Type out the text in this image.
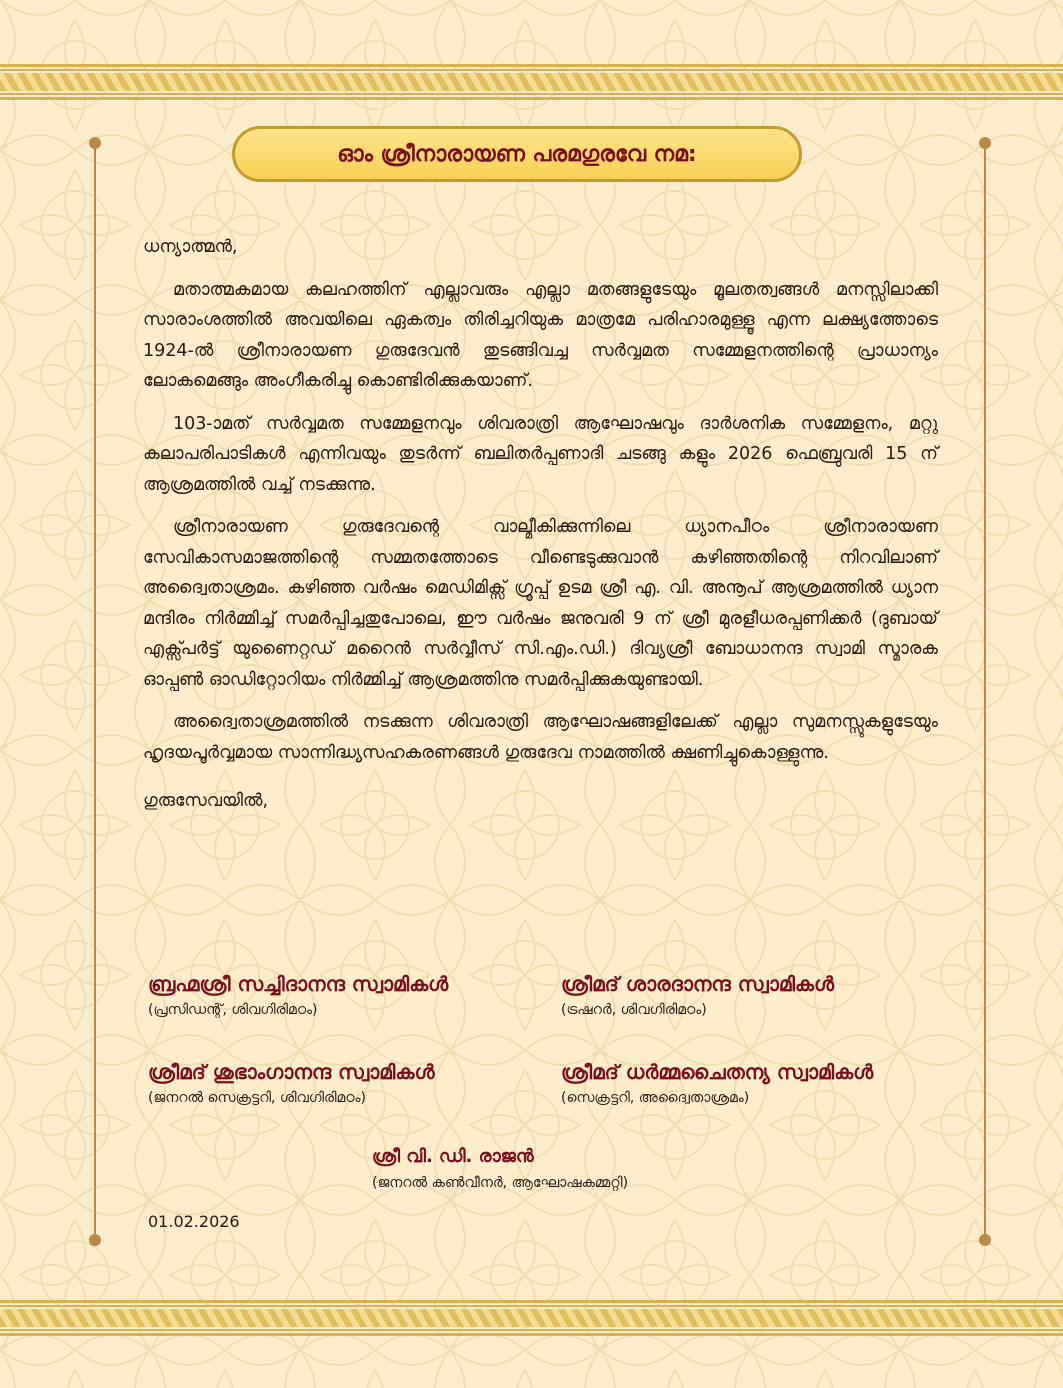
ഓം ശ്രീനാരായണ പരമഗുരവേ നമ:

ധന്യാത്മൻ,

മതാത്മകമായ കലഹത്തിന് എല്ലാവരും എല്ലാ മതങ്ങളുടേയും മൂലതത്വങ്ങൾ മനസ്സിലാക്കി സാരാംശത്തിൽ അവയിലെ ഏകത്വം തിരിച്ചറിയുക മാത്രമേ പരിഹാരമുള്ളൂ എന്ന ലക്ഷ്യത്തോടെ 1924-ൽ ശ്രീനാരായണ ഗുരുദേവൻ തുടങ്ങിവച്ച സർവ്വമത സമ്മേളനത്തിന്റെ പ്രാധാന്യം ലോകമെങ്ങും അംഗീകരിച്ചു കൊണ്ടിരിക്കുകയാണ്.

103-ാമത് സർവ്വമത സമ്മേളനവും ശിവരാത്രി ആഘോഷവും ദാർശനിക സമ്മേളനം, മറ്റു കലാപരിപാടികൾ എന്നിവയും തുടർന്ന് ബലിതർപ്പണാദി ചടങ്ങു കളും 2026 ഫെബ്രുവരി 15 ന് ആശ്രമത്തിൽ വച്ച് നടക്കുന്നു.

ശ്രീനാരായണ ഗുരുദേവന്റെ വാല്മീകിക്കുന്നിലെ ധ്യാനപീഠം ശ്രീനാരായണ സേവികാസമാജത്തിന്റെ സമ്മതത്തോടെ വീണ്ടെടുക്കുവാൻ കഴിഞ്ഞതിന്റെ നിറവിലാണ് അദ്വൈതാശ്രമം. കഴിഞ്ഞ വർഷം മെഡിമിക്സ് ഗ്രൂപ്പ് ഉടമ ശ്രീ എ. വി. അനൂപ് ആശ്രമത്തിൽ ധ്യാന മന്ദിരം നിർമ്മിച്ച് സമർപ്പിച്ചതുപോലെ, ഈ വർഷം ജനുവരി 9 ന് ശ്രീ മുരളീധരപ്പണിക്കർ (ദുബായ് എക്സ്പർട്ട് യുണൈറ്റഡ് മറൈൻ സർവ്വീസ് സി.എം.ഡി.) ദിവ്യശ്രീ ബോധാനന്ദ സ്വാമി സ്മാരക ഓപ്പൺ ഓഡിറ്റോറിയം നിർമ്മിച്ച് ആശ്രമത്തിനു സമർപ്പിക്കുകയുണ്ടായി.

അദ്വൈതാശ്രമത്തിൽ നടക്കുന്ന ശിവരാത്രി ആഘോഷങ്ങളിലേക്ക് എല്ലാ സുമനസ്സുകളുടേയും ഹൃദയപൂർവ്വമായ സാന്നിദ്ധ്യസഹകരണങ്ങൾ ഗുരുദേവ നാമത്തിൽ ക്ഷണിച്ചുകൊള്ളുന്നു.

ഗുരുസേവയിൽ,

ബ്രഹ്മശ്രീ സച്ചിദാനന്ദ സ്വാമികൾ
(പ്രസിഡന്റ്, ശിവഗിരിമഠം)
ശ്രീമദ് ശാരദാനന്ദ സ്വാമികൾ
(ട്രഷറർ, ശിവഗിരിമഠം)
ശ്രീമദ് ശുഭാംഗാനന്ദ സ്വാമികൾ
(ജനറൽ സെക്രട്ടറി, ശിവഗിരിമഠം)
ശ്രീമദ് ധർമ്മചൈതന്യ സ്വാമികൾ
(സെക്രട്ടറി, അദ്വൈതാശ്രമം)
ശ്രീ വി. ഡി. രാജൻ
(ജനറൽ കൺവീനർ, ആഘോഷകമ്മറ്റി)
01.02.2026
